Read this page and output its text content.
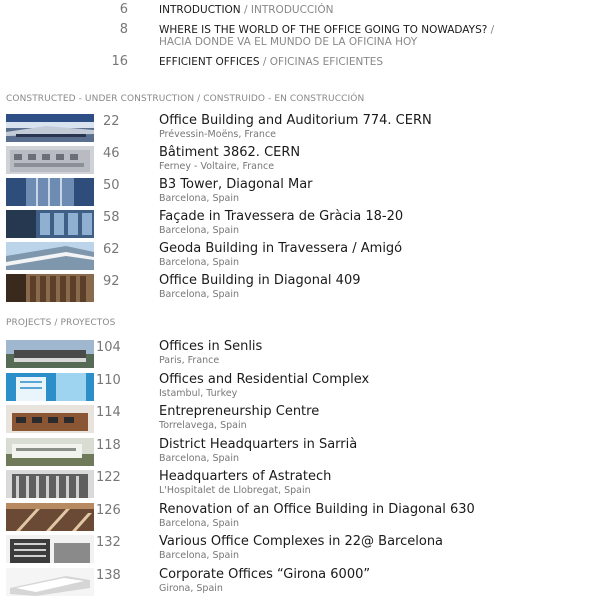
6	INTRODUCTION / INTRODUCCIÓN
8	WHERE IS THE WORLD OF THE OFFICE GOING TO NOWADAYS? /
HACIA DONDE VA EL MUNDO DE LA OFICINA HOY
16	EFFICIENT OFFICES / OFICINAS EFICIENTES
CONSTRUCTED - UNDER CONSTRUCTION / CONSTRUIDO - EN CONSTRUCCIÓN
22	Office Building and Auditorium 774. CERN
Prévessin-Moëns, France
46	Bâtiment 3862. CERN
Ferney - Voltaire, France
50	B3 Tower, Diagonal Mar
Barcelona, Spain
58	Façade in Travessera de Gràcia 18-20
Barcelona, Spain
62	Geoda Building in Travessera / Amigó
Barcelona, Spain
92	Office Building in Diagonal 409
Barcelona, Spain
PROJECTS / PROYECTOS
104	Offices in Senlis
Paris, France
110	Offices and Residential Complex
Istambul, Turkey
114	Entrepreneurship Centre
Torrelavega, Spain
118	District Headquarters in Sarrià
Barcelona, Spain
122	Headquarters of Astratech
L'Hospitalet de Llobregat, Spain
126	Renovation of an Office Building in Diagonal 630
Barcelona, Spain
132	Various Office Complexes in 22@ Barcelona
Barcelona, Spain
138	Corporate Offices “Girona 6000”
Girona, Spain
